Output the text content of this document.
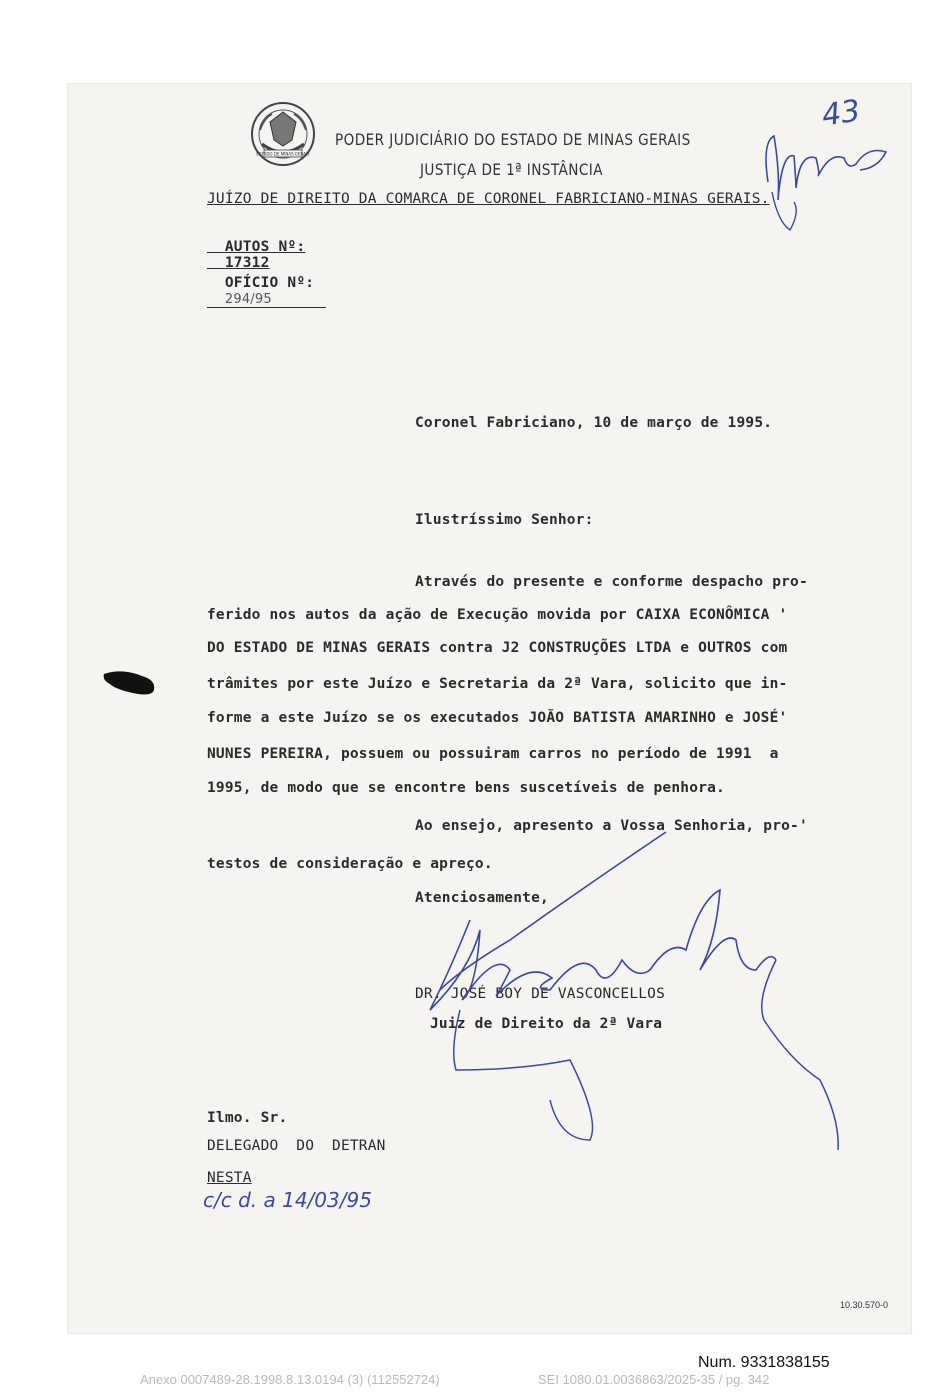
ESTADO DE MINAS GERAIS
PODER JUDICIÁRIO DO ESTADO DE MINAS GERAIS
JUSTIÇA DE 1ª INSTÂNCIA
JUÍZO DE DIREITO DA COMARCA DE CORONEL FABRICIANO-MINAS GERAIS.

AUTOS Nº:
17312

OFÍCIO Nº:
294/95

43
Coronel Fabriciano, 10 de março de 1995.
Ilustríssimo Senhor:
Através do presente e conforme despacho pro-
ferido nos autos da ação de Execução movida por CAIXA ECONÔMICA '
DO ESTADO DE MINAS GERAIS contra J2 CONSTRUÇÕES LTDA e OUTROS com
trâmites por este Juízo e Secretaria da 2ª Vara, solicito que in-
forme a este Juízo se os executados JOÃO BATISTA AMARINHO e JOSÉ'
NUNES PEREIRA, possuem ou possuiram carros no período de 1991  a
1995, de modo que se encontre bens suscetíveis de penhora.
Ao ensejo, apresento a Vossa Senhoria, pro-'
testos de consideração e apreço.
Atenciosamente,
DR. JOSÉ BOY DE VASCONCELLOS
Juiz de Direito da 2ª Vara
Ilmo. Sr.
DELEGADO  DO  DETRAN
NESTA
c/c d. a 14/03/95
10.30.570-0
Num. 9331838155
Anexo 0007489-28.1998.8.13.0194 (3) (112552724)	SEI 1080.01.0036863/2025-35 / pg. 342
